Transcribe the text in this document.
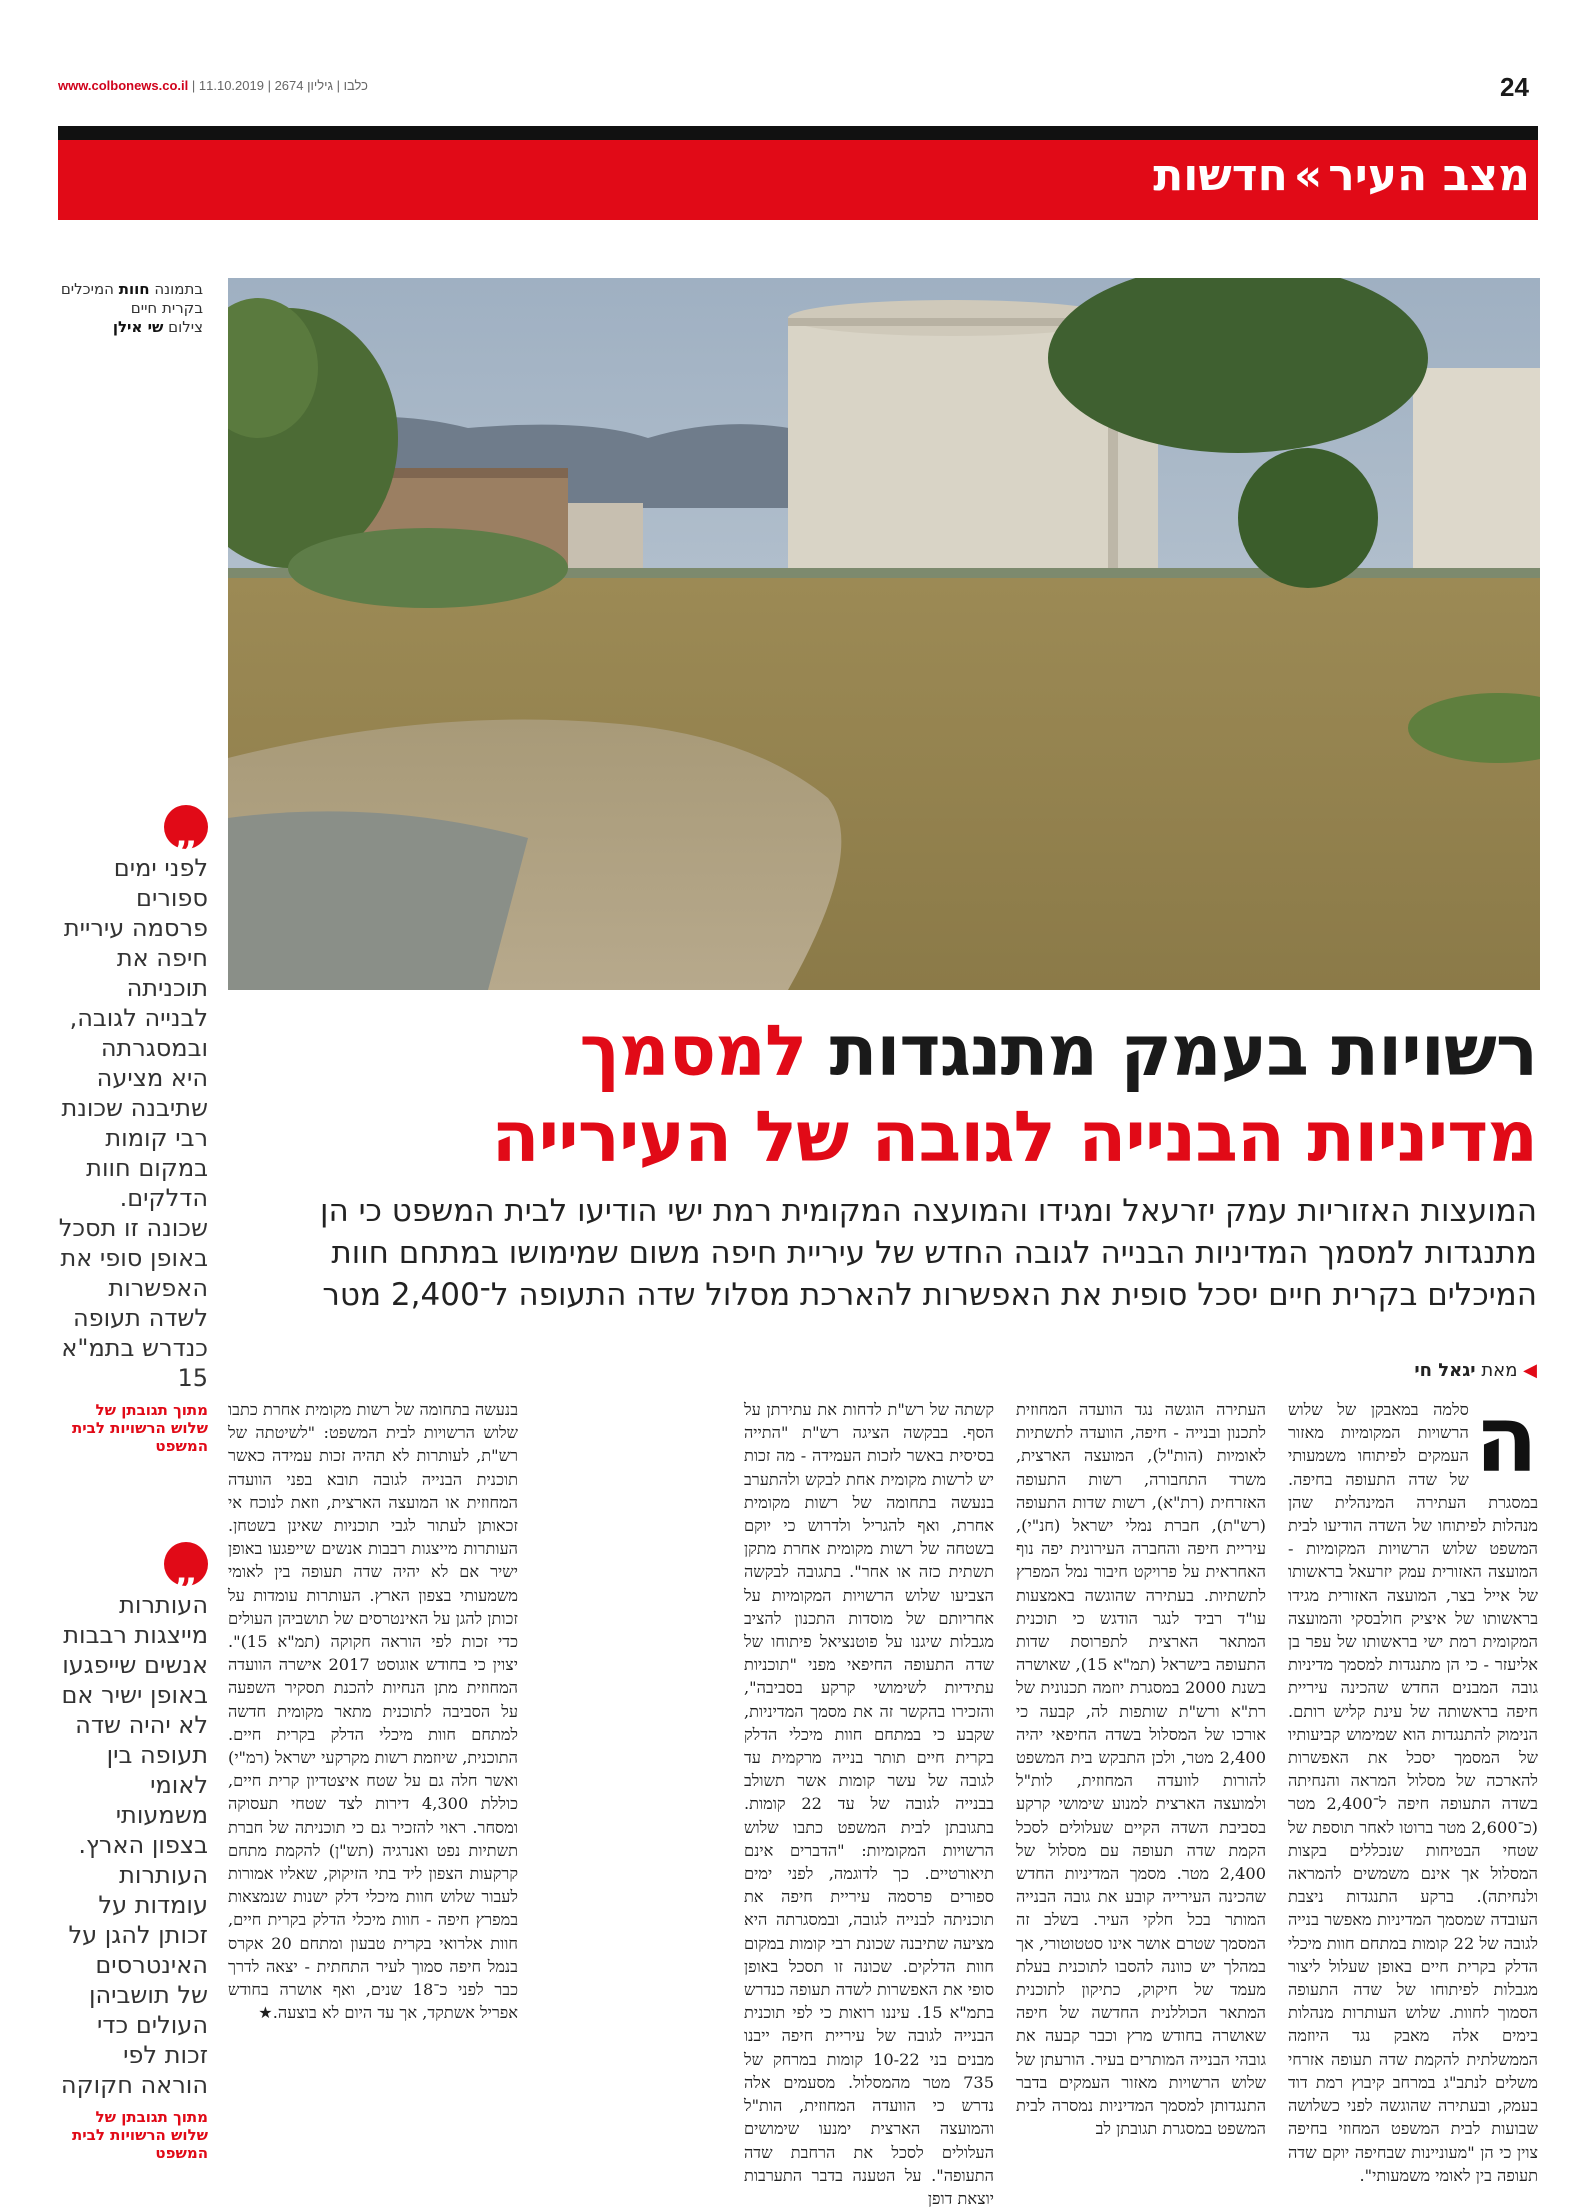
www.colbonews.co.il | כלבו | גיליון 2674 | 11.10.2019	24
מצב העיר»חדשות
בתמונה חוות המיכלים בקרית חיים
צילום שי אילן
רשויות בעמק מתנגדות למסמך
מדיניות הבנייה לגובה של העירייה
המועצות האזוריות עמק יזרעאל ומגידו והמועצה המקומית רמת ישי הודיעו לבית המשפט כי הן מתנגדות למסמך המדיניות הבנייה לגובה החדש של עיריית חיפה משום שמימושו במתחם חוות המיכלים בקרית חיים יסכל סופית את האפשרות להארכת מסלול שדה התעופה ל־2,400 מטר
◀ מאת יגאל חי
„
לפני ימים ספורים פרסמה עיריית חיפה את תוכניתה לבנייה לגובה, ובמסגרתה היא מציעה שתיבנה שכונת רבי קומות במקום חוות הדלקים. שכונה זו תסכל באופן סופי את האפשרות לשדה תעופה כנדרש בתמ"א 15
מתוך תגובתן של שלוש הרשויות לבית המשפט
„
העותרות מייצגות רבבות אנשים שייפגעו באופן ישיר אם לא יהיה שדה תעופה בין לאומי משמעותי בצפון הארץ. העותרות עומדות על זכותן להגן על האינטרסים של תושביהן העולים כדי זכות לפי הוראה חקוקה
מתוך תגובתן של שלוש הרשויות לבית המשפט
ה

סלמה במאבקן של שלוש הרשויות המקומיות מאזור העמקים לפיתוחו משמעותי של שדה התעופה בחיפה. במסגרת העתירה המינהלית שהן מנהלות לפיתוחו של השדה הודיעו לבית המשפט שלוש הרשויות המקומיות - המועצה האזורית עמק יזרעאל בראשותו של אייל בצר, המועצה האזורית מגידו בראשותו של איציק חולבסקי והמועצה המקומית רמת ישי בראשותו של עפר בן אליעזר - כי הן מתנגדות למסמך מדיניות גובה המבנים החדש שהכינה עיריית חיפה בראשותה של עינת קליש רותם. הנימוק להתנגדות הוא שמימוש קביעותיו של המסמך יסכל את האפשרות להארכה של מסלול המראה והנחיתה בשדה התעופה חיפה ל־2,400 מטר (כ־2,600 מטר ברוטו לאחר תוספת של שטחי הבטיחות שנכללים בקצות המסלול אך אינם משמשים להמראה ולנחיתה). ברקע התנגדות ניצבת העובדה שמסמך המדיניות מאפשר בנייה לגובה של 22 קומות במתחם חוות מיכלי הדלק בקרית חיים באופן שעלול ליצור מגבלות לפיתוחו של שדה התעופה הסמוך לחוות. שלוש העותרות מנהלות בימים אלה מאבק נגד היוזמה הממשלתית להקמת שדה תעופה אזרחי משלים לנתב"ג במרחב קיבוץ רמת דוד בעמק, ובעתירה שהוגשה לפני כשלושה שבועות לבית המשפט המחוזי בחיפה צוין כי הן "מעוניינות שבחיפה יוקם שדה תעופה בין לאומי משמעותי".

העתירה הוגשה נגד הוועדה המחוזית לתכנון ובנייה - חיפה, הוועדה לתשתיות לאומיות (הות"ל), המועצה הארצית, משרד התחבורה, רשות התעופה האזרחית (רת"א), רשות שדות התעופה (רש"ת), חברת נמלי ישראל (חנ"י), עיריית חיפה והחברה העירונית יפה נוף האחראית על פרויקט חיבור נמל המפרץ לתשתיות. בעתירה שהוגשה באמצעות עו"ד רביד לנגר הודגש כי תוכנית המתאר הארצית לתפרוסת שדות התעופה בישראל (תמ"א 15), שאושרה בשנת 2000 במסגרת יוזמה תכנונית של רת"א ורש"ת שותפות לה, קבעה כי אורכו של המסלול בשדה החיפאי יהיה 2,400 מטר, ולכן התבקש בית המשפט להורות לוועדה המחוזית, לות"ל ולמועצה הארצית למנוע שימושי קרקע בסביבת השדה הקיים שעלולים לסכל הקמת שדה תעופה עם מסלול של 2,400 מטר. מסמך המדיניות החדש שהכינה העירייה קובע את גובה הבנייה המותר בכל חלקי העיר. בשלב זה המסמך שטרם אושר אינו סטטוטורי, אך במהלך יש כוונה להסבו לתוכנית בעלת מעמד של חיקוק, כתיקון לתוכנית המתאר הכוללנית החדשה של חיפה שאושרה בחודש מרץ וכבר קבעה את גובהי הבנייה המותרים בעיר. הורעתן של שלוש הרשויות מאזור העמקים בדבר התנגדותן למסמך המדיניות נמסרה לבית המשפט במסגרת תגובתן לב

קשתה של רש"ת לדחות את עתירתן על הסף. בבקשה הציגה רש"ת "התייה בסיסית באשר לזכות העמידה - מה זכות יש לרשות מקומית אחת לבקש ולהתערב בנעשה בתחומה של רשות מקומית אחרת, ואף להגריל ולדרוש כי יוקם בשטחה של רשות מקומית אחרת מתקן תשתית כזה או אחר". בתגובה לבקשה הצביעו שלוש הרשויות המקומיות על אחריותם של מוסדות התכנון להציב מגבלות שיגנו על פוטנציאל פיתוחו של שדה התעופה החיפאי מפני "תוכניות עתידיות לשימושי קרקע בסביבה", והזכירו בהקשר זה את מסמך המדיניות, שקבע כי במתחם חוות מיכלי הדלק בקרית חיים תותר בנייה מרקמית עד לגובה של עשר קומות אשר תשולב בבנייה לגובה של עד 22 קומות. בתגובתן לבית המשפט כתבו שלוש הרשויות המקומיות: "הדברים אינם תיאורטיים. כך לדוגמה, לפני ימים ספורים פרסמה עיריית חיפה את תוכניתה לבנייה לגובה, ובמסגרתה היא מציעה שתיבנה שכונת רבי קומות במקום חוות הדלקים. שכונה זו תסכל באופן סופי את האפשרות לשדה תעופה כנדרש בתמ"א 15. עיננו רואות כי לפי תוכנית הבנייה לגובה של עיריית חיפה ייבנו מבנים בני 10-22 קומות במרחק של 735 מטר מהמסלול. מסעמים אלה נדרש כי הוועדה המחוזית, הות"ל והמועצה הארצית ימנעו שימושים העלולים לסכל את הרחבת שדה התעופה". על הטענה בדבר התערבות יוצאת דופן

בנעשה בתחומה של רשות מקומית אחרת כתבו שלוש הרשויות לבית המשפט: "לשיטתה של רש"ת, לעותרות לא תהיה זכות עמידה כאשר תוכנית הבנייה לגובה תובא בפני הוועדה המחוזית או המועצה הארצית, וזאת לנוכח אי זכאותן לעתור לגבי תוכניות שאינן בשטחן. העותרות מייצגות רבבות אנשים שייפגעו באופן ישיר אם לא יהיה שדה תעופה בין לאומי משמעותי בצפון הארץ. העותרות עומדות על זכותן להגן על האינטרסים של תושביהן העולים כדי זכות לפי הוראה חקוקה (תמ"א 15)". יצוין כי בחודש אוגוסט 2017 אישרה הוועדה המחוזית מתן הנחיות להכנת תסקיר השפעה על הסביבה לתוכנית מתאר מקומית חדשה למתחם חוות מיכלי הדלק בקרית חיים. התוכנית, שיוזמת רשות מקרקעי ישראל (רמ"י) ואשר חלה גם על שטח איצטדיון קרית חיים, כוללת 4,300 דירות לצד שטחי תעסוקה ומסחר. ראוי להזכיר גם כי תוכניתה של חברת תשתיות נפט ואנרגיה (תש"ן) להקמת מתחם קרקעות הצפון ליד בתי הזיקוק, שאליו אמורות לעבור שלוש חוות מיכלי דלק ישנות שנמצאות במפרץ חיפה - חוות מיכלי הדלק בקרית חיים, חוות אלרואי בקרית טבעון ומתחם 20 אקרס בנמל חיפה סמוך לעיר התחתית - יצאה לדרך כבר לפני כ־18 שנים, ואף אושרה בחודש אפריל אשתקד, אך עד היום לא בוצעה.★
